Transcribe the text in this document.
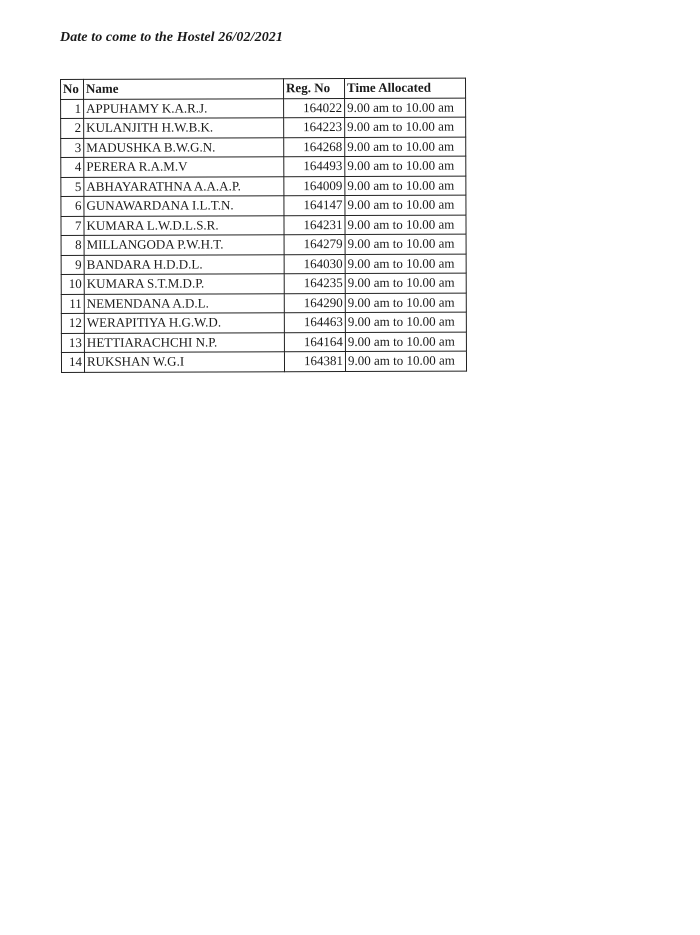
Date to come to the Hostel 26/02/2021
No	Name	Reg. No	Time Allocated
1	APPUHAMY K.A.R.J.	164022	9.00 am to 10.00 am
2	KULANJITH H.W.B.K.	164223	9.00 am to 10.00 am
3	MADUSHKA B.W.G.N.	164268	9.00 am to 10.00 am
4	PERERA R.A.M.V	164493	9.00 am to 10.00 am
5	ABHAYARATHNA A.A.A.P.	164009	9.00 am to 10.00 am
6	GUNAWARDANA I.L.T.N.	164147	9.00 am to 10.00 am
7	KUMARA L.W.D.L.S.R.	164231	9.00 am to 10.00 am
8	MILLANGODA P.W.H.T.	164279	9.00 am to 10.00 am
9	BANDARA H.D.D.L.	164030	9.00 am to 10.00 am
10	KUMARA S.T.M.D.P.	164235	9.00 am to 10.00 am
11	NEMENDANA A.D.L.	164290	9.00 am to 10.00 am
12	WERAPITIYA H.G.W.D.	164463	9.00 am to 10.00 am
13	HETTIARACHCHI N.P.	164164	9.00 am to 10.00 am
14	RUKSHAN W.G.I	164381	9.00 am to 10.00 am
